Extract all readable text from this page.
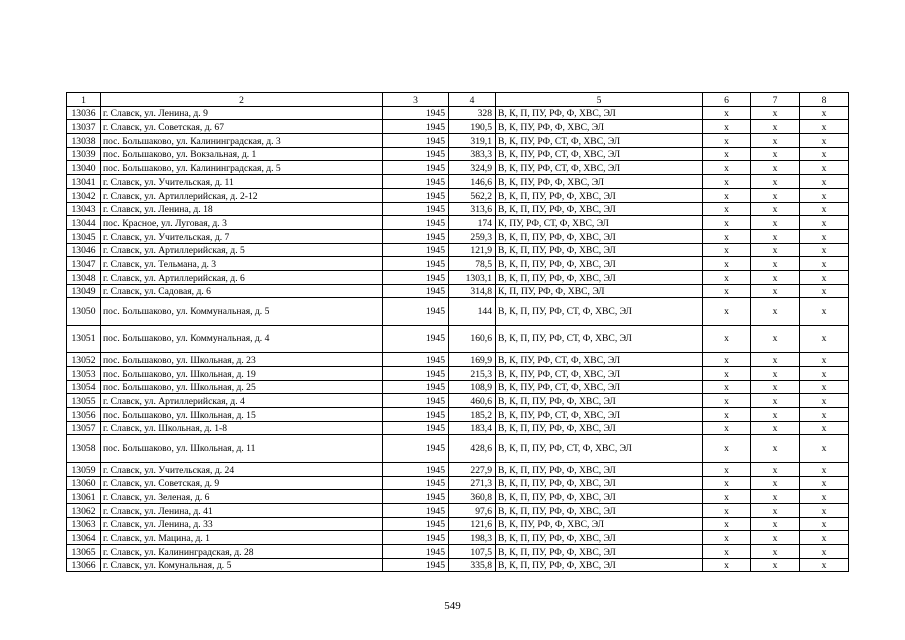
1	2	3	4	5	6	7	8
13036	г. Славск, ул. Ленина, д. 9	1945	328	В, К, П, ПУ, РФ, Ф, ХВС, ЭЛ	х	х	х
13037	г. Славск, ул. Советская, д. 67	1945	190,5	В, К, ПУ, РФ, Ф, ХВС, ЭЛ	х	х	х
13038	пос. Большаково, ул. Калининградская, д. 3	1945	319,1	В, К, ПУ, РФ, СТ, Ф, ХВС, ЭЛ	х	х	х
13039	пос. Большаково, ул. Вокзальная, д. 1	1945	383,3	В, К, ПУ, РФ, СТ, Ф, ХВС, ЭЛ	х	х	х
13040	пос. Большаково, ул. Калининградская, д. 5	1945	324,9	В, К, ПУ, РФ, СТ, Ф, ХВС, ЭЛ	х	х	х
13041	г. Славск, ул. Учительская, д. 11	1945	146,6	В, К, ПУ, РФ, Ф, ХВС, ЭЛ	х	х	х
13042	г. Славск, ул. Артиллерийская, д. 2-12	1945	562,2	В, К, П, ПУ, РФ, Ф, ХВС, ЭЛ	х	х	х
13043	г. Славск, ул. Ленина, д. 18	1945	313,6	В, К, П, ПУ, РФ, Ф, ХВС, ЭЛ	х	х	х
13044	пос. Красное, ул. Луговая, д. 3	1945	174	К, ПУ, РФ, СТ, Ф, ХВС, ЭЛ	х	х	х
13045	г. Славск, ул. Учительская, д. 7	1945	259,3	В, К, П, ПУ, РФ, Ф, ХВС, ЭЛ	х	х	х
13046	г. Славск, ул. Артиллерийская, д. 5	1945	121,9	В, К, П, ПУ, РФ, Ф, ХВС, ЭЛ	х	х	х
13047	г. Славск, ул. Тельмана, д. 3	1945	78,5	В, К, П, ПУ, РФ, Ф, ХВС, ЭЛ	х	х	х
13048	г. Славск, ул. Артиллерийская, д. 6	1945	1303,1	В, К, П, ПУ, РФ, Ф, ХВС, ЭЛ	х	х	х
13049	г. Славск, ул. Садовая, д. 6	1945	314,8	К, П, ПУ, РФ, Ф, ХВС, ЭЛ	х	х	х
13050	пос. Большаково, ул. Коммунальная, д. 5	1945	144	В, К, П, ПУ, РФ, СТ, Ф, ХВС, ЭЛ	х	х	х
13051	пос. Большаково, ул. Коммунальная, д. 4	1945	160,6	В, К, П, ПУ, РФ, СТ, Ф, ХВС, ЭЛ	х	х	х
13052	пос. Большаково, ул. Школьная, д. 23	1945	169,9	В, К, ПУ, РФ, СТ, Ф, ХВС, ЭЛ	х	х	х
13053	пос. Большаково, ул. Школьная, д. 19	1945	215,3	В, К, ПУ, РФ, СТ, Ф, ХВС, ЭЛ	х	х	х
13054	пос. Большаково, ул. Школьная, д. 25	1945	108,9	В, К, ПУ, РФ, СТ, Ф, ХВС, ЭЛ	х	х	х
13055	г. Славск, ул. Артиллерийская, д. 4	1945	460,6	В, К, П, ПУ, РФ, Ф, ХВС, ЭЛ	х	х	х
13056	пос. Большаково, ул. Школьная, д. 15	1945	185,2	В, К, ПУ, РФ, СТ, Ф, ХВС, ЭЛ	х	х	х
13057	г. Славск, ул. Школьная, д. 1-8	1945	183,4	В, К, П, ПУ, РФ, Ф, ХВС, ЭЛ	х	х	х
13058	пос. Большаково, ул. Школьная, д. 11	1945	428,6	В, К, П, ПУ, РФ, СТ, Ф, ХВС, ЭЛ	х	х	х
13059	г. Славск, ул. Учительская, д. 24	1945	227,9	В, К, П, ПУ, РФ, Ф, ХВС, ЭЛ	х	х	х
13060	г. Славск, ул. Советская, д. 9	1945	271,3	В, К, П, ПУ, РФ, Ф, ХВС, ЭЛ	х	х	х
13061	г. Славск, ул. Зеленая, д. 6	1945	360,8	В, К, П, ПУ, РФ, Ф, ХВС, ЭЛ	х	х	х
13062	г. Славск, ул. Ленина, д. 41	1945	97,6	В, К, П, ПУ, РФ, Ф, ХВС, ЭЛ	х	х	х
13063	г. Славск, ул. Ленина, д. 33	1945	121,6	В, К, ПУ, РФ, Ф, ХВС, ЭЛ	х	х	х
13064	г. Славск, ул. Мацина, д. 1	1945	198,3	В, К, П, ПУ, РФ, Ф, ХВС, ЭЛ	х	х	х
13065	г. Славск, ул. Калининградская, д. 28	1945	107,5	В, К, П, ПУ, РФ, Ф, ХВС, ЭЛ	х	х	х
13066	г. Славск, ул. Комунальная, д. 5	1945	335,8	В, К, П, ПУ, РФ, Ф, ХВС, ЭЛ	х	х	х
549
